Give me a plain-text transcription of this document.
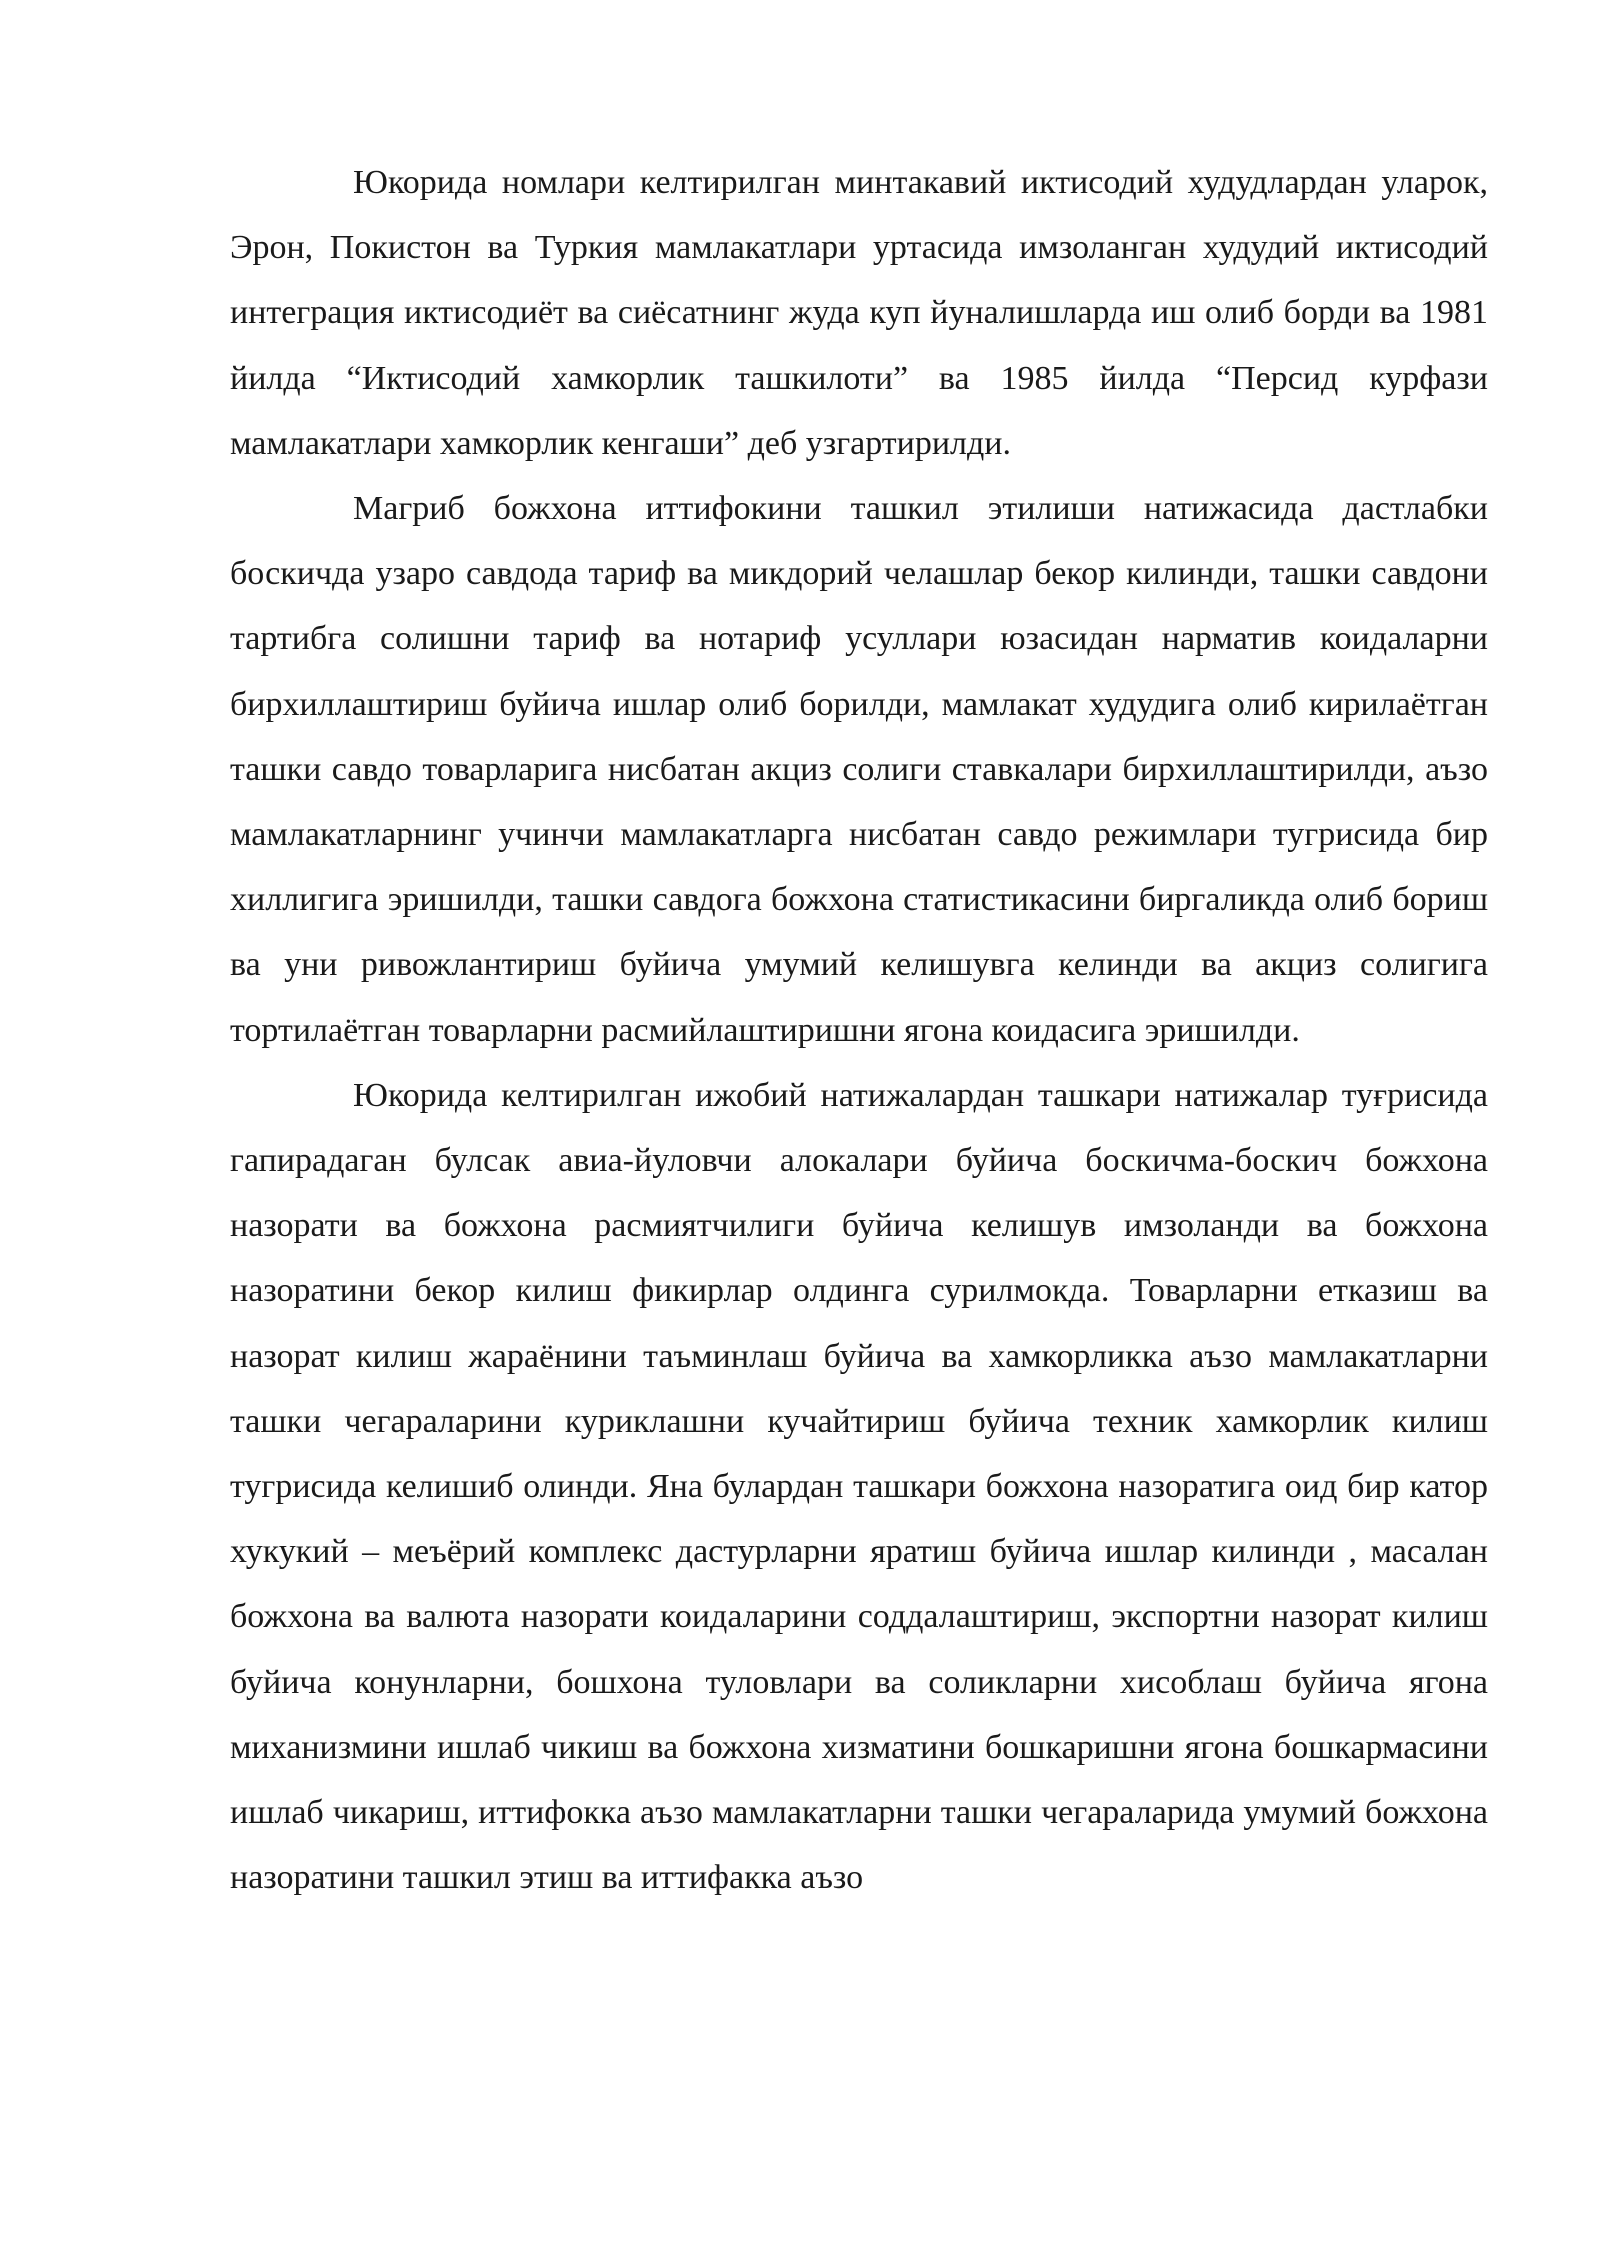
Юкорида номлари келтирилган минтакавий иктисодий худудлардан уларок, Эрон, Покистон ва Туркия мамлакатлари уртасида имзоланган худудий иктисодий интеграция иктисодиёт ва сиёсатнинг жуда куп йуналишларда иш олиб борди ва 1981 йилда “Иктисодий хамкорлик ташкилоти” ва 1985 йилда “Персид курфази мамлакатлари хамкорлик кенгаши” деб узгартирилди.

Магриб божхона иттифокини ташкил этилиши натижасида дастлабки боскичда узаро савдода тариф ва микдорий челашлар бекор килинди, ташки савдони тартибга солишни тариф ва нотариф усуллари юзасидан нарматив коидаларни бирхиллаштириш буйича ишлар олиб борилди, мамлакат худудига олиб кирилаётган ташки савдо товарларига нисбатан акциз солиги ставкалари бирхиллаштирилди, аъзо мамлакатларнинг учинчи мамлакатларга нисбатан савдо режимлари тугрисида бир хиллигига эришилди, ташки савдога божхона статистикасини биргаликда олиб бориш ва уни ривожлантириш буйича умумий келишувга келинди ва акциз солигига тортилаётган товарларни расмийлаштиришни ягона коидасига эришилди.

Юкорида келтирилган ижобий натижалардан ташкари натижалар туғрисида гапирадаган булсак авиа-йуловчи алокалари буйича боскичма-боскич божхона назорати ва божхона расмиятчилиги буйича келишув имзоланди ва божхона назоратини бекор килиш фикирлар олдинга сурилмокда. Товарларни етказиш ва назорат килиш жараёнини таъминлаш буйича ва хамкорликка аъзо мамлакатларни ташки чегараларини куриклашни кучайтириш буйича техник хамкорлик килиш тугрисида келишиб олинди. Яна булардан ташкари божхона назоратига оид бир катор хукукий – меъёрий комплекс дастурларни яратиш буйича ишлар килинди , масалан божхона ва валюта назорати коидаларини соддалаштириш, экспортни назорат килиш буйича конунларни, бошхона туловлари ва соликларни хисоблаш буйича ягона миханизмини ишлаб чикиш ва божхона хизматини бошкаришни ягона бошкармасини ишлаб чикариш, иттифокка аъзо мамлакатларни ташки чегараларида умумий божхона назоратини ташкил этиш ва иттифакка аъзо
